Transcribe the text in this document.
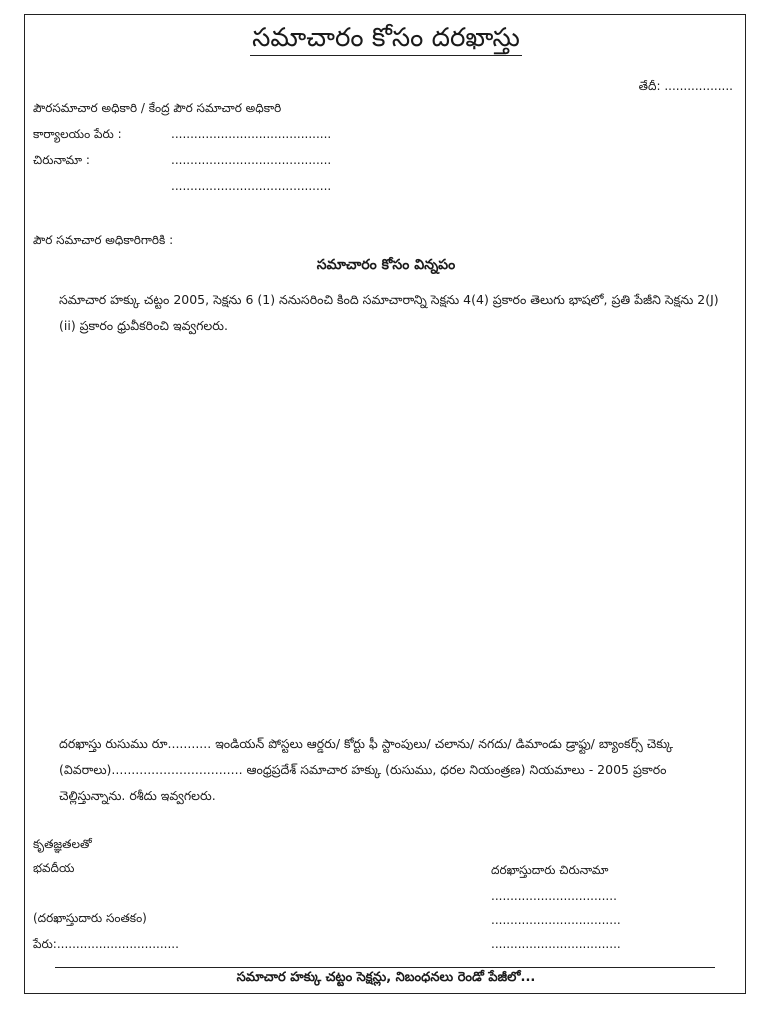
సమాచారం కోసం దరఖాస్తు
తేదీ: ..................
పౌరసమాచార అధికారి / కేంద్ర పౌర సమాచార అధికారి
కార్యాలయం పేరు :	..........................................
చిరునామా :	..........................................
..........................................
పౌర సమాచార అధికారిగారికి :
సమాచారం కోసం విన్నపం
సమాచార హక్కు చట్టం 2005, సెక్షను 6 (1) ననుసరించి కింది సమాచారాన్ని సెక్షను 4(4) ప్రకారం తెలుగు భాషలో, ప్రతి పేజీని సెక్షను 2(J)(ii) ప్రకారం ధ్రువీకరించి ఇవ్వగలరు.
దరఖాస్తు రుసుము రూ........... ఇండియన్ పోస్టలు ఆర్డరు/ కోర్టు ఫీ స్టాంపులు/ చలాను/ నగదు/ డిమాండు డ్రాఫ్టు/ బ్యాంకర్స్ చెక్కు (వివరాలు)................................. ఆంధ్రప్రదేశ్ సమాచార హక్కు (రుసుము, ధరల నియంత్రణ) నియమాలు - 2005 ప్రకారం చెల్లిస్తున్నాను. రశీదు ఇవ్వగలరు.
కృతజ్ఞతలతో
భవదీయ	దరఖాస్తుదారు చిరునామా
.................................
..................................
..................................
(దరఖాస్తుదారు సంతకం)
పేరు:................................
సమాచార హక్కు చట్టం సెక్షన్లు, నిబంధనలు రెండో పేజీలో...
